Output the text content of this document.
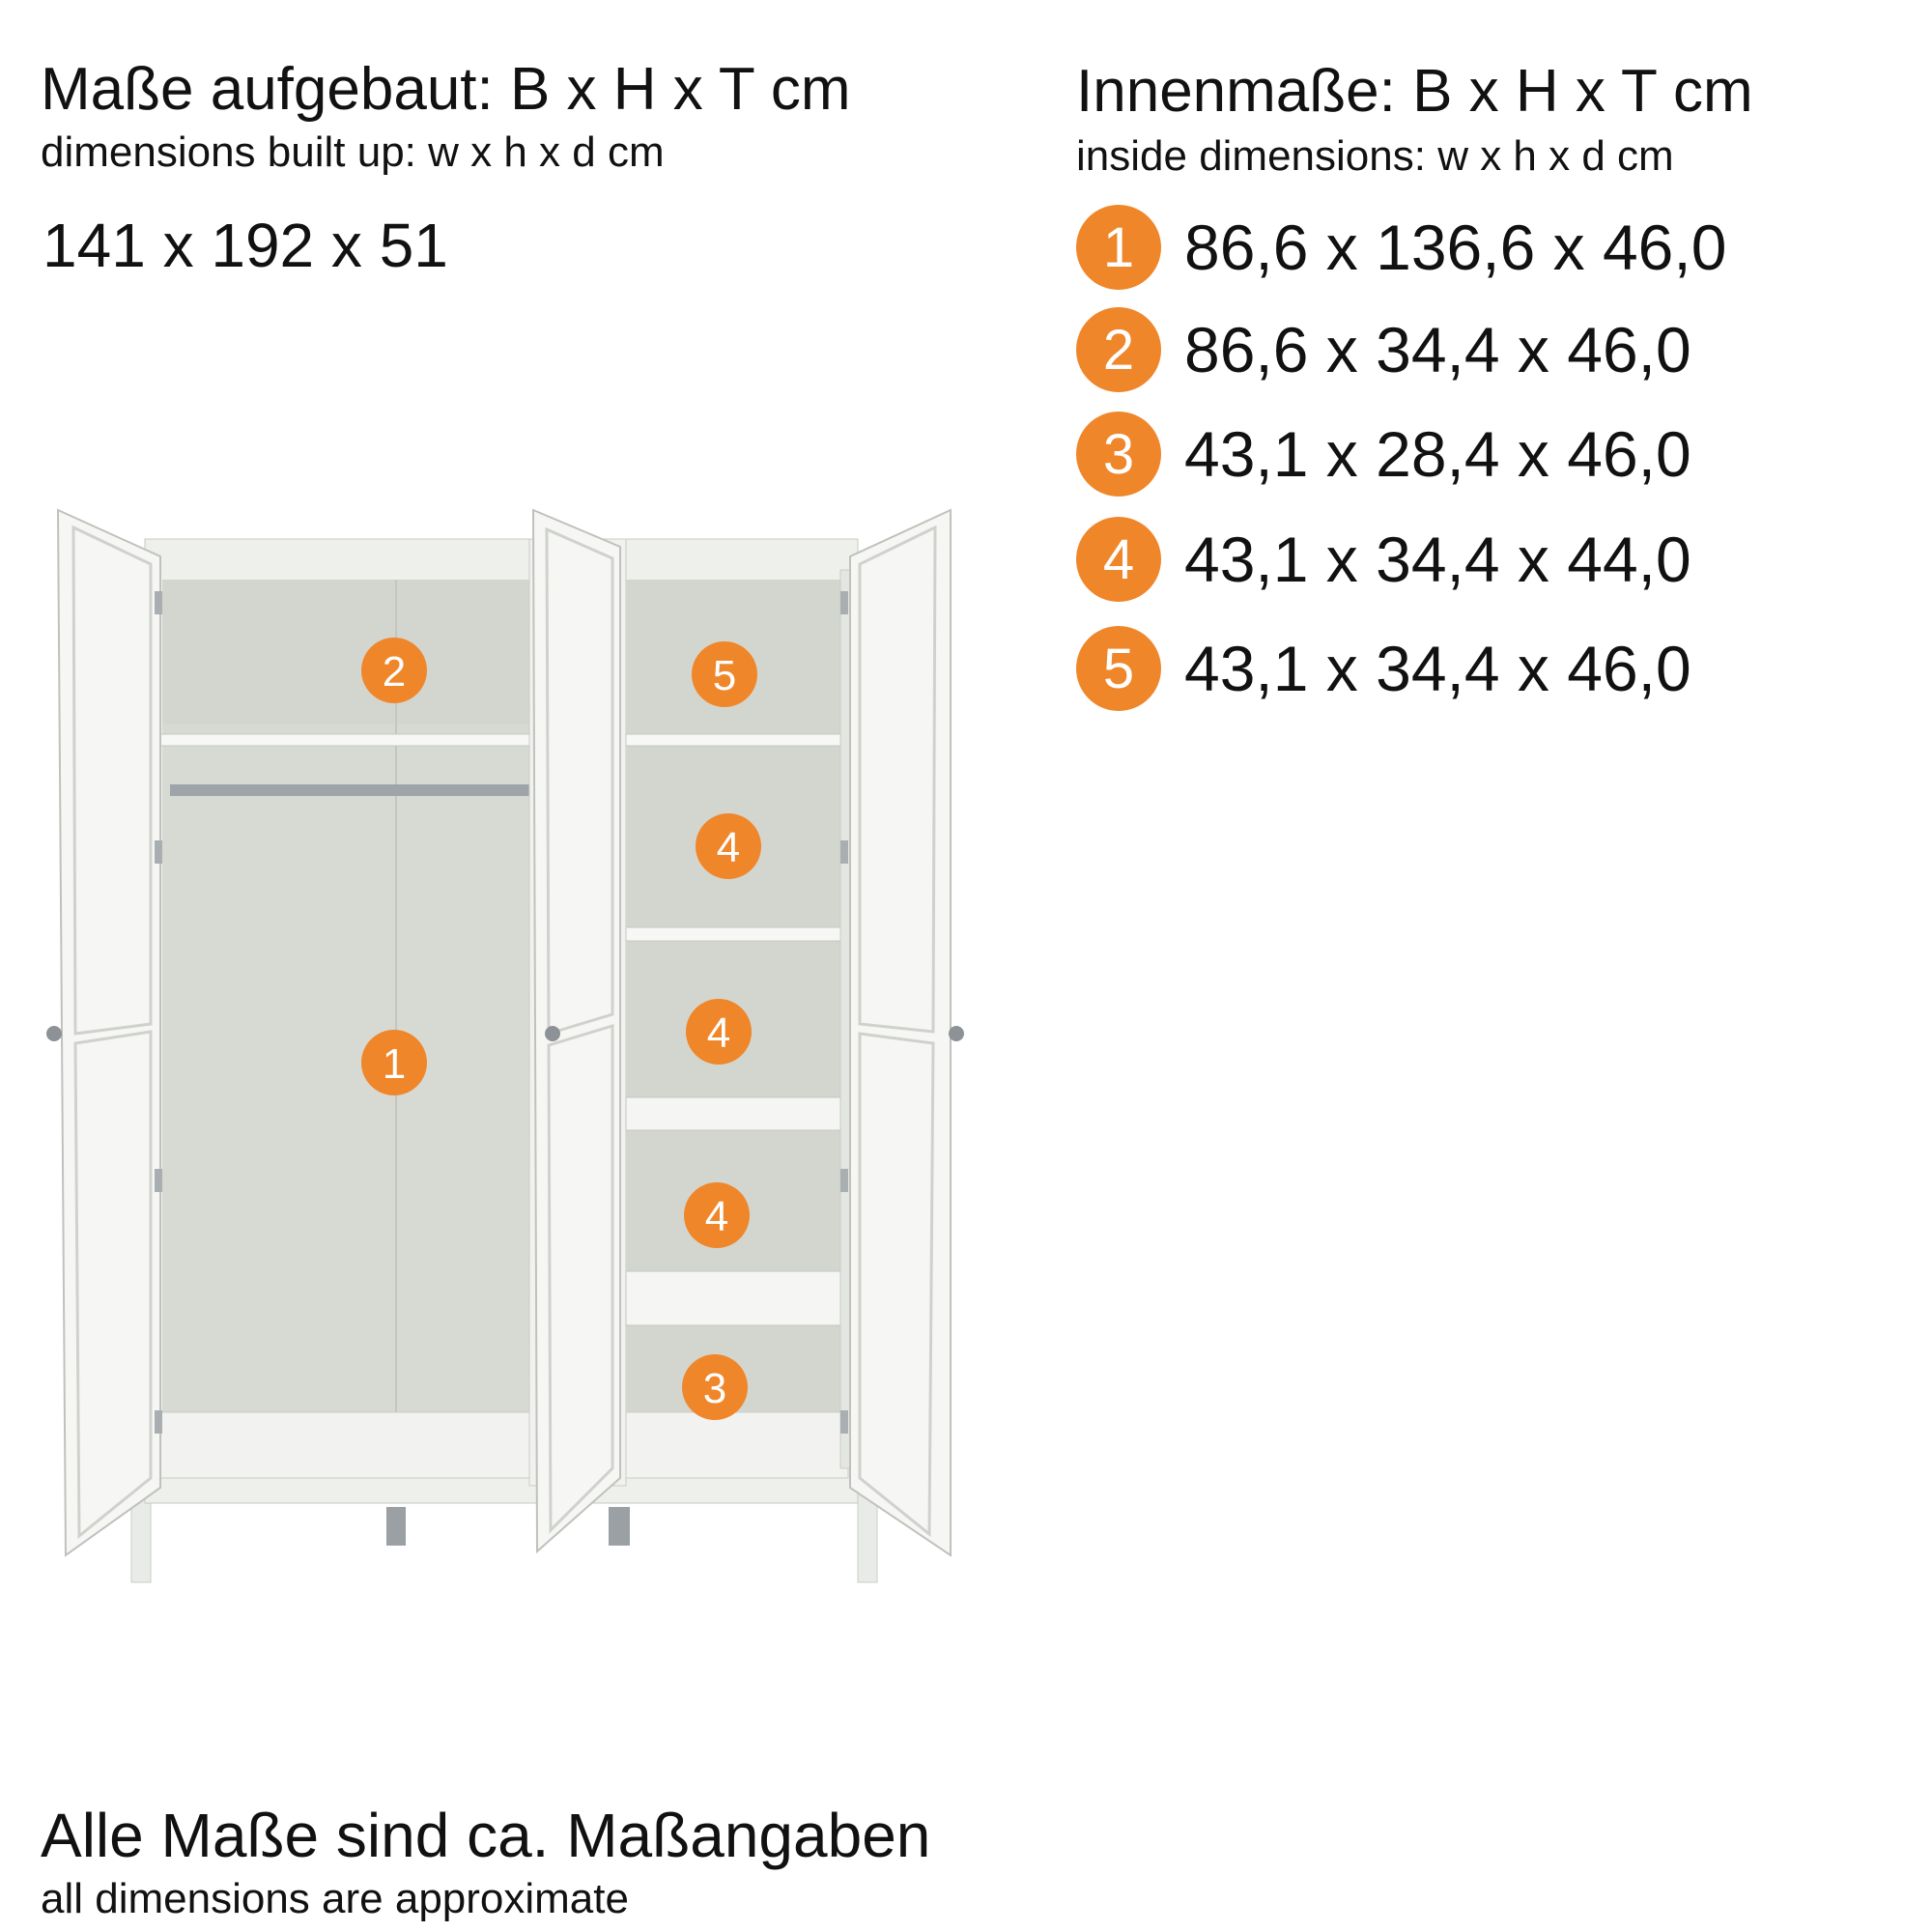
Maße aufgebaut: B x H x T cm
dimensions built up: w x h x d cm
141 x 192 x 51
Innenmaße: B x H x T cm
inside dimensions: w x h x d cm
1 86,6 x 136,6 x 46,0
2 86,6 x 34,4 x 46,0
3 43,1 x 28,4 x 46,0
4 43,1 x 34,4 x 44,0
5 43,1 x 34,4 x 46,0
2	5
4
1
4
4
3
Alle Maße sind ca. Maßangaben
all dimensions are approximate
